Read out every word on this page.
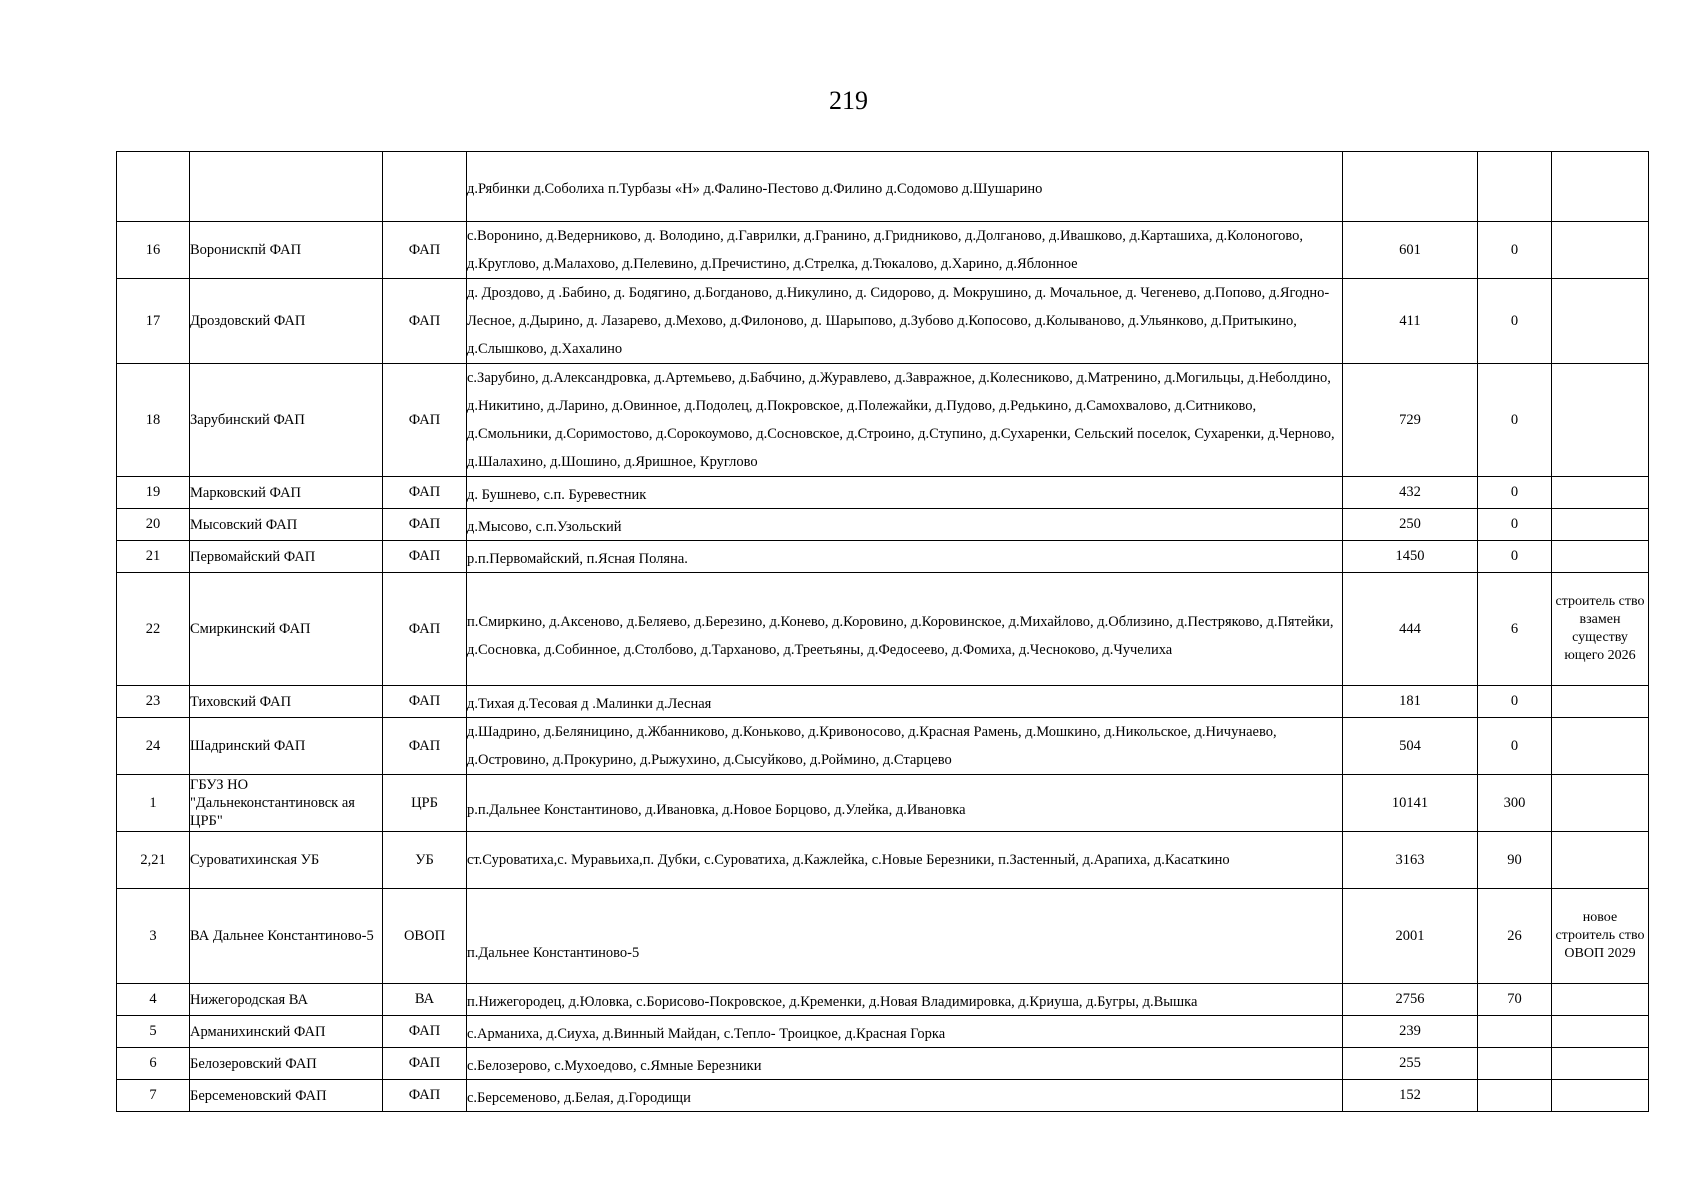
219
			д.Рябинки д.Соболиха п.Турбазы «Н» д.Фалино-Пестово д.Филино д.Содомово д.Шушарино			
16	Воронискпй ФАП	ФАП	с.Воронино, д.Ведерниково, д. Володино, д.Гаврилки, д.Гранино, д.Гридниково, д.Долганово, д.Ивашково, д.Карташиха, д.Колоногово, д.Круглово, д.Малахово, д.Пелевино, д.Пречистино, д.Стрелка, д.Тюкалово, д.Харино, д.Яблонное	601	0	
17	Дроздовский ФАП	ФАП	д. Дроздово, д .Бабино, д. Бодягино, д.Богданово, д.Никулино, д. Сидорово, д. Мокрушино, д. Мочальное, д. Чегенево, д.Попово, д.Ягодно-Лесное, д.Дырино, д. Лазарево, д.Мехово, д.Филоново, д. Шарыпово, д.Зубово д.Копосово, д.Колываново, д.Ульянково, д.Притыкино, д.Слышково, д.Хахалино	411	0	
18	Зарубинский ФАП	ФАП	с.Зарубино, д.Александровка, д.Артемьево, д.Бабчино, д.Журавлево, д.Завражное, д.Колесниково, д.Матренино, д.Могильцы, д.Неболдино, д.Никитино, д.Ларино, д.Овинное, д.Подолец, д.Покровское, д.Полежайки, д.Пудово, д.Редькино, д.Самохвалово, д.Ситниково, д.Смольники, д.Соримостово, д.Сорокоумово, д.Сосновское, д.Строино, д.Ступино, д.Сухаренки, Сельский поселок, Сухаренки, д.Черново, д.Шалахино, д.Шошино, д.Яришное, Круглово	729	0	
19	Марковский ФАП	ФАП	д. Бушнево, с.п. Буревестник	432	0	
20	Мысовский ФАП	ФАП	д.Мысово, с.п.Узольский	250	0	
21	Первомайский ФАП	ФАП	р.п.Первомайский, п.Ясная Поляна.	1450	0	
22	Смиркинский ФАП	ФАП	п.Смиркино, д.Аксеново, д.Беляево, д.Березино, д.Конево, д.Коровино, д.Коровинское, д.Михайлово, д.Облизино, д.Пестряково, д.Пятейки, д.Сосновка, д.Собинное, д.Столбово, д.Тарханово, д.Треетьяны, д.Федосеево, д.Фомиха, д.Чесноково, д.Чучелиха	444	6	строитель ство взамен существу ющего 2026
23	Тиховский ФАП	ФАП	д.Тихая д.Тесовая д .Малинки д.Лесная	181	0	
24	Шадринский ФАП	ФАП	д.Шадрино, д.Беляницино, д.Жбанниково, д.Коньково, д.Кривоносово, д.Красная Рамень, д.Мошкино, д.Никольское, д.Ничунаево, д.Островино, д.Прокурино, д.Рыжухино, д.Сысуйково, д.Роймино, д.Старцево	504	0	
1	ГБУЗ НО "Дальнеконстантиновск ая ЦРБ"	ЦРБ	р.п.Дальнее Константиново, д.Ивановка, д.Новое Борцово, д.Улейка, д.Ивановка	10141	300	
2,21	Суроватихинская УБ	УБ	ст.Суроватиха,с. Муравьиха,п. Дубки, с.Суроватиха, д.Кажлейка, с.Новые Березники, п.Застенный, д.Арапиха, д.Касаткино	3163	90	
3	ВА Дальнее Константиново-5	ОВОП	п.Дальнее Константиново-5	2001	26	новое строитель ство ОВОП 2029
4	Нижегородская ВА	ВА	п.Нижегородец, д.Юловка, с.Борисово-Покровское, д.Кременки, д.Новая Владимировка, д.Криуша, д.Бугры, д.Вышка	2756	70	
5	Арманихинский ФАП	ФАП	с.Арманиха, д.Сиуха, д.Винный Майдан, с.Тепло- Троицкое, д.Красная Горка	239		
6	Белозеровский ФАП	ФАП	с.Белозерово, с.Мухоедово, с.Ямные Березники	255		
7	Берсеменовский ФАП	ФАП	с.Берсеменово, д.Белая, д.Городищи	152		
